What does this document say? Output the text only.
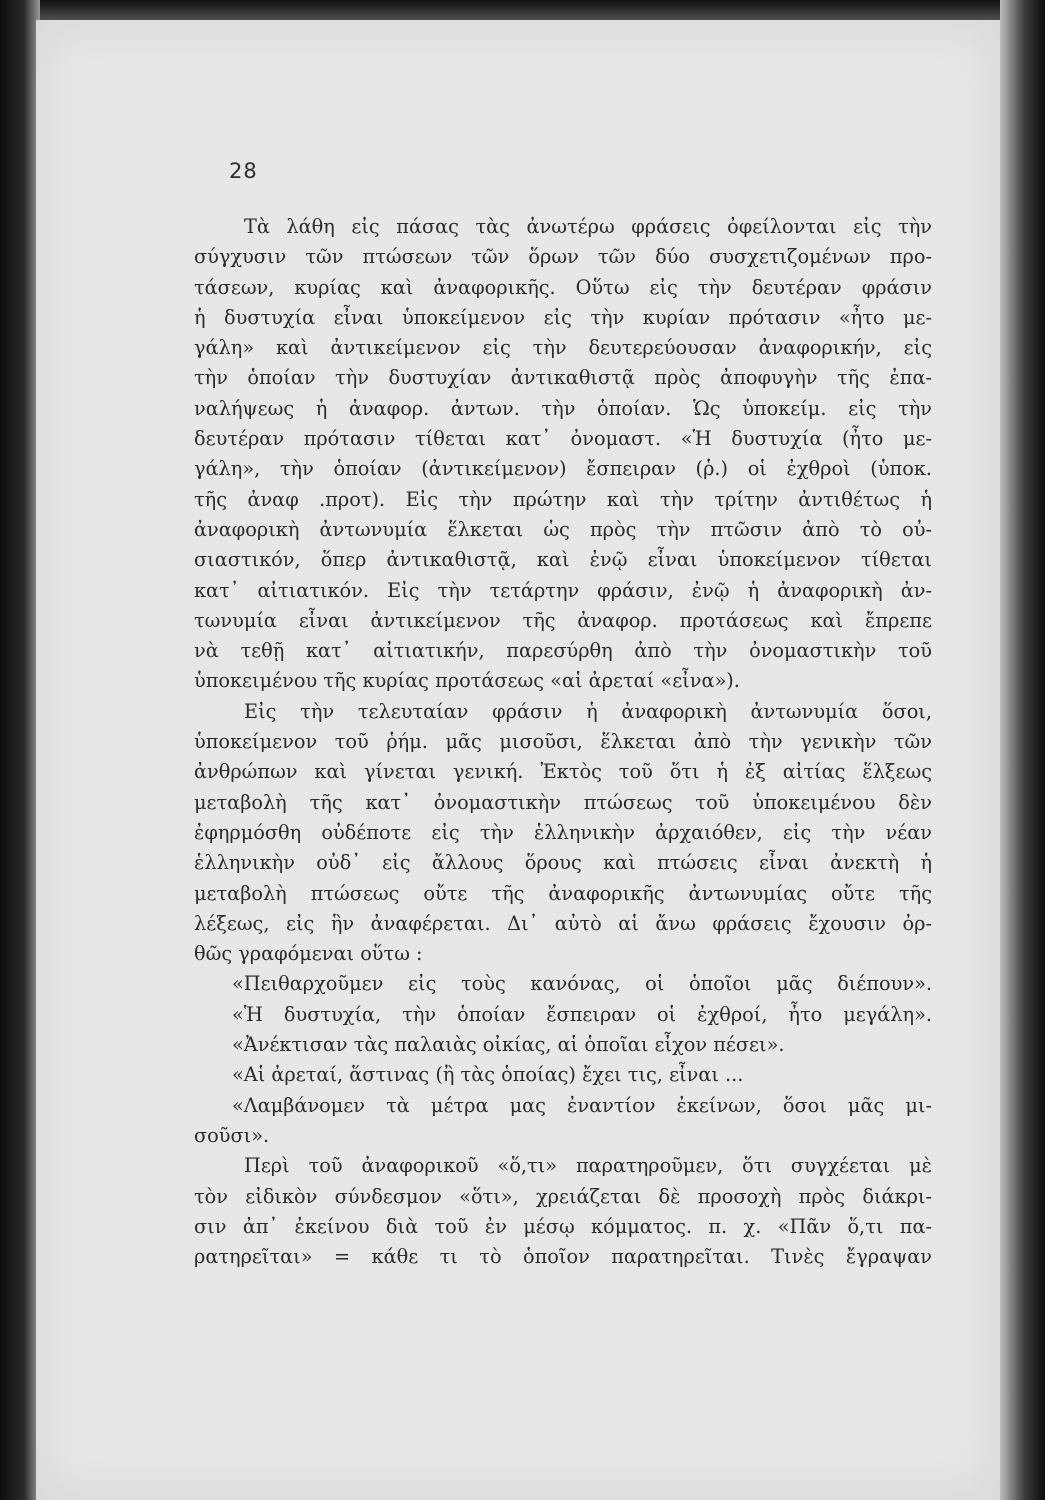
28
Τὰ λάθη εἰς πάσας τὰς ἀνωτέρω φράσεις ὀφείλονται εἰς τὴν
σύγχυσιν τῶν πτώσεων τῶν ὅρων τῶν δύο συσχετιζομένων προ-
τάσεων, κυρίας καὶ ἀναφορικῆς. Οὕτω εἰς τὴν δευτέραν φράσιν
ἡ δυστυχία εἶναι ὑποκείμενον εἰς τὴν κυρίαν πρότασιν «ἦτο με-
γάλη» καὶ ἀντικείμενον εἰς τὴν δευτερεύουσαν ἀναφορικήν, εἰς
τὴν ὁποίαν τὴν δυστυχίαν ἀντικαθιστᾷ πρὸς ἀποφυγὴν τῆς ἐπα-
ναλήψεως ἡ ἀναφορ. ἀντων. τὴν ὁποίαν. Ὡς ὑποκείμ. εἰς τὴν
δευτέραν πρότασιν τίθεται κατ᾽ ὀνομαστ. «Ἡ δυστυχία (ἦτο με-
γάλη», τὴν ὁποίαν (ἀντικείμενον) ἔσπειραν (ῥ.) οἱ ἐχθροὶ (ὑποκ.
τῆς ἀναφ .προτ). Εἰς τὴν πρώτην καὶ τὴν τρίτην ἀντιθέτως ἡ
ἀναφορικὴ ἀντωνυμία ἕλκεται ὡς πρὸς τὴν πτῶσιν ἀπὸ τὸ οὐ-
σιαστικόν, ὅπερ ἀντικαθιστᾷ, καὶ ἐνῷ εἶναι ὑποκείμενον τίθεται
κατ᾽ αἰτιατικόν. Εἰς τὴν τετάρτην φράσιν, ἐνῷ ἡ ἀναφορικὴ ἀν-
τωνυμία εἶναι ἀντικείμενον τῆς ἀναφορ. προτάσεως καὶ ἔπρεπε
νὰ τεθῇ κατ᾽ αἰτιατικήν, παρεσύρθη ἀπὸ τὴν ὀνομαστικὴν τοῦ
ὑποκειμένου τῆς κυρίας προτάσεως «αἱ ἀρεταί «εἶνα»).
Εἰς τὴν τελευταίαν φράσιν ἡ ἀναφορικὴ ἀντωνυμία ὅσοι,
ὑποκείμενον τοῦ ῥήμ. μᾶς μισοῦσι, ἕλκεται ἀπὸ τὴν γενικὴν τῶν
ἀνθρώπων καὶ γίνεται γενική. Ἐκτὸς τοῦ ὅτι ἡ ἐξ αἰτίας ἕλξεως
μεταβολὴ τῆς κατ᾽ ὀνομαστικὴν πτώσεως τοῦ ὑποκειμένου δὲν
ἐφηρμόσθη οὐδέποτε εἰς τὴν ἑλληνικὴν ἀρχαιόθεν, εἰς τὴν νέαν
ἑλληνικὴν οὐδ᾽ εἰς ἄλλους ὅρους καὶ πτώσεις εἶναι ἀνεκτὴ ἡ
μεταβολὴ πτώσεως οὔτε τῆς ἀναφορικῆς ἀντωνυμίας οὔτε τῆς
λέξεως, εἰς ἣν ἀναφέρεται. Δι᾽ αὐτὸ αἱ ἄνω φράσεις ἔχουσιν ὀρ-
θῶς γραφόμεναι οὕτω :
«Πειθαρχοῦμεν εἰς τοὺς κανόνας, οἱ ὁποῖοι μᾶς διέπουν».
«Ἡ δυστυχία, τὴν ὁποίαν ἔσπειραν οἱ ἐχθροί, ἦτο μεγάλη».
«Ἀνέκτισαν τὰς παλαιὰς οἰκίας, αἱ ὁποῖαι εἶχον πέσει».
«Αἱ ἀρεταί, ἅστινας (ἢ τὰς ὁποίας) ἔχει τις, εἶναι ...
«Λαμβάνομεν τὰ μέτρα μας ἐναντίον ἐκείνων, ὅσοι μᾶς μι-
σοῦσι».
Περὶ τοῦ ἀναφορικοῦ «ὅ,τι» παρατηροῦμεν, ὅτι συγχέεται μὲ
τὸν εἰδικὸν σύνδεσμον «ὅτι», χρειάζεται δὲ προσοχὴ πρὸς διάκρι-
σιν ἀπ᾽ ἐκείνου διὰ τοῦ ἐν μέσῳ κόμματος. π. χ. «Πᾶν ὅ,τι πα-
ρατηρεῖται» = κάθε τι τὸ ὁποῖον παρατηρεῖται. Τινὲς ἔγραψαν
